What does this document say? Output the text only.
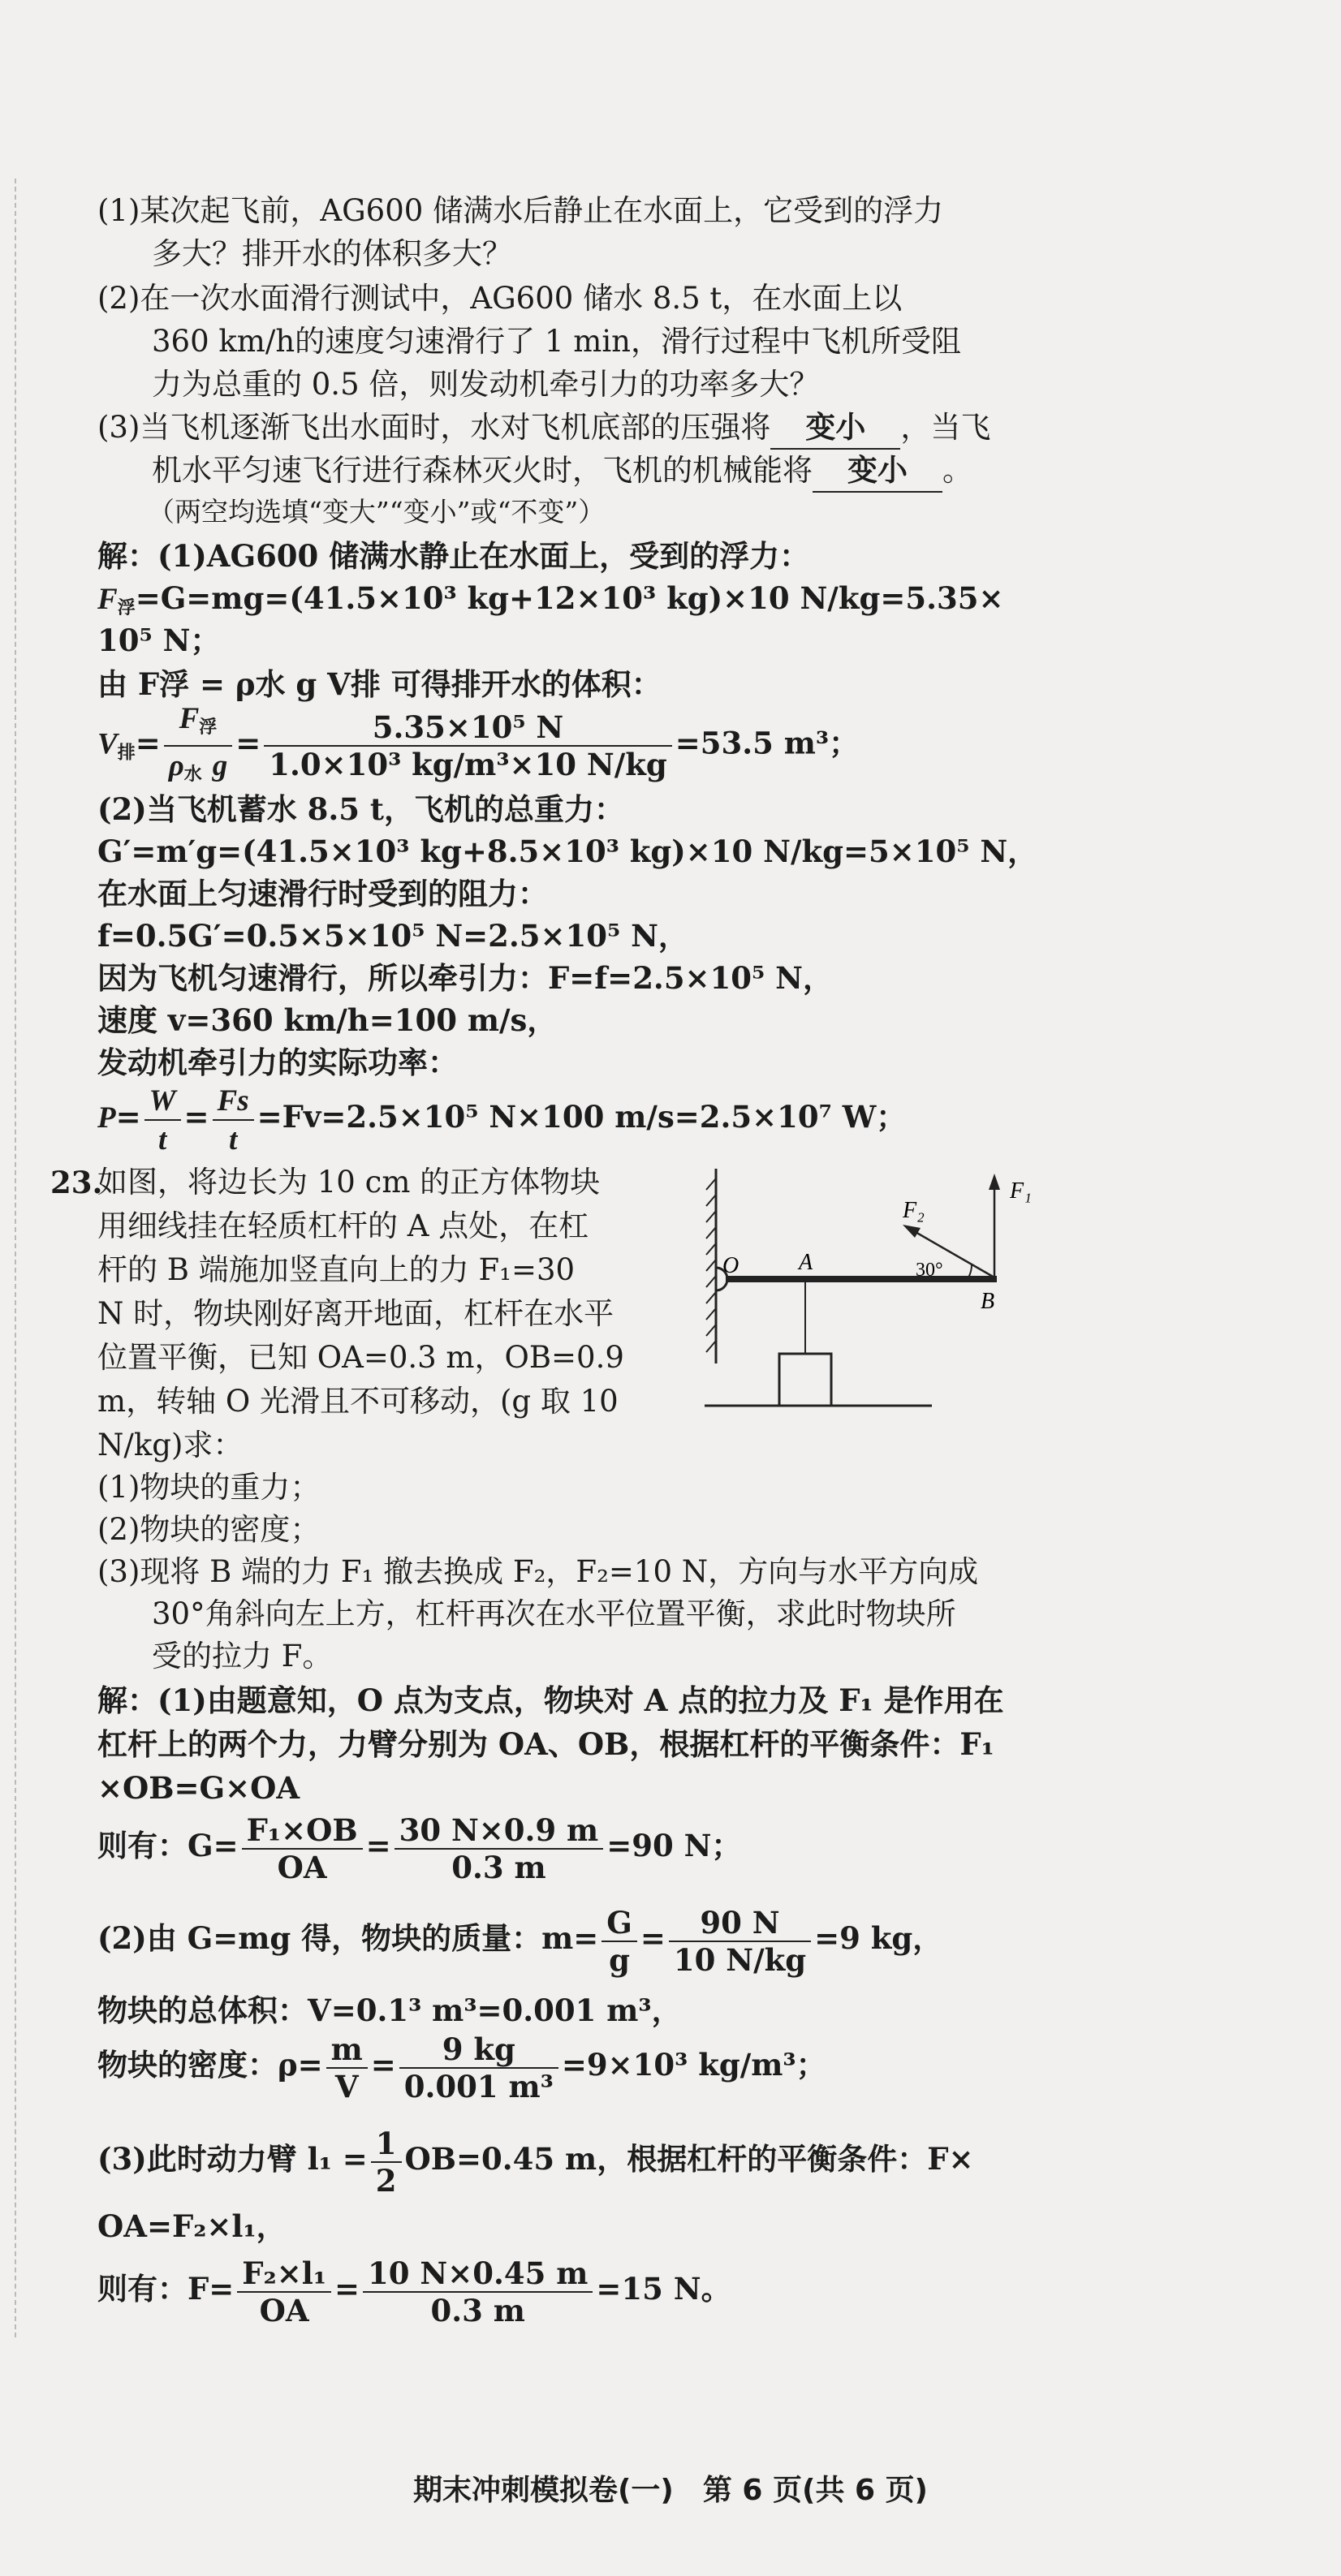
(1)某次起飞前，AG600 储满水后静止在水面上，它受到的浮力
多大？排开水的体积多大？
(2)在一次水面滑行测试中，AG600 储水 8.5 t，在水面上以
360 km/h的速度匀速滑行了 1 min，滑行过程中飞机所受阻
力为总重的 0.5 倍，则发动机牵引力的功率多大？
(3)当飞机逐渐飞出水面时，水对飞机底部的压强将 变小 ，当飞
机水平匀速飞行进行森林灭火时，飞机的机械能将 变小 。
（两空均选填“变大”“变小”或“不变”）
解：(1)AG600 储满水静止在水面上，受到的浮力：
$F_浮=G=mg=(41.5\times 10^3$ kg+12×10³ kg)×10 N/kg=5.35×
10⁵ N；
由 F浮 = ρ水 g V排 可得排开水的体积：
$V_排= \frac{F_浮}{\rho_水 g} = \frac{\text{5.35×10⁵ N}}{\text{1.0×10³ kg/m³×10 N/kg}} =53.5$ m³；
(2)当飞机蓄水 8.5 t，飞机的总重力：
G′=m′g=(41.5×10³ kg+8.5×10³ kg)×10 N/kg=5×10⁵ N，
在水面上匀速滑行时受到的阻力：
f=0.5G′=0.5×5×10⁵ N=2.5×10⁵ N，
因为飞机匀速滑行，所以牵引力：F=f=2.5×10⁵ N，
速度 v=360 km/h=100 m/s，
发动机牵引力的实际功率：
$P= \frac{W}{t} = \frac{Fs}{t} =Fv=2.5\times 10^5$ N×100 m/s=2.5×10⁷ W；
23.
如图，将边长为 10 cm 的正方体物块
用细线挂在轻质杠杆的 A 点处，在杠
杆的 B 端施加竖直向上的力 F₁=30
N 时，物块刚好离开地面，杠杆在水平
位置平衡，已知 OA=0.3 m，OB=0.9
m，转轴 O 光滑且不可移动，(g 取 10
N/kg)求：
(1)物块的重力；
(2)物块的密度；
(3)现将 B 端的力 F₁ 撤去换成 F₂，F₂=10 N，方向与水平方向成
30°角斜向左上方，杠杆再次在水平位置平衡，求此时物块所
受的拉力 F。
O	A
B
F₁
F₂
30°
解：(1)由题意知，O 点为支点，物块对 A 点的拉力及 F₁ 是作用在
杠杆上的两个力，力臂分别为 OA、OB，根据杠杆的平衡条件：F₁
×OB=G×OA
则有：$G= \frac{\text{F₁×OB}}{OA} = \frac{30 N\times 0.9 m}{0.3 m} =90$ N；
(2)由 G=mg 得，物块的质量：$m= \frac{G}{g} = \frac{90 N}{10 N/kg} =9$ kg，
物块的总体积：V=0.1³ m³=0.001 m³，
物块的密度：$\rho= \frac{m}{V} = \frac{9 kg}{\text{0.001 m³}} =9\times 10^3$ kg/m³；
(3)此时动力臂 $l_1 = \frac{1}{2} OB=0.45$ m，根据杠杆的平衡条件：F×
OA=F₂×l₁，
则有：$F= \frac{\text{F₂×l₁}}{OA} = \frac{10 N\times 0.45 m}{0.3 m} =15$ N。
期末冲刺模拟卷(一)　第 6 页(共 6 页)
